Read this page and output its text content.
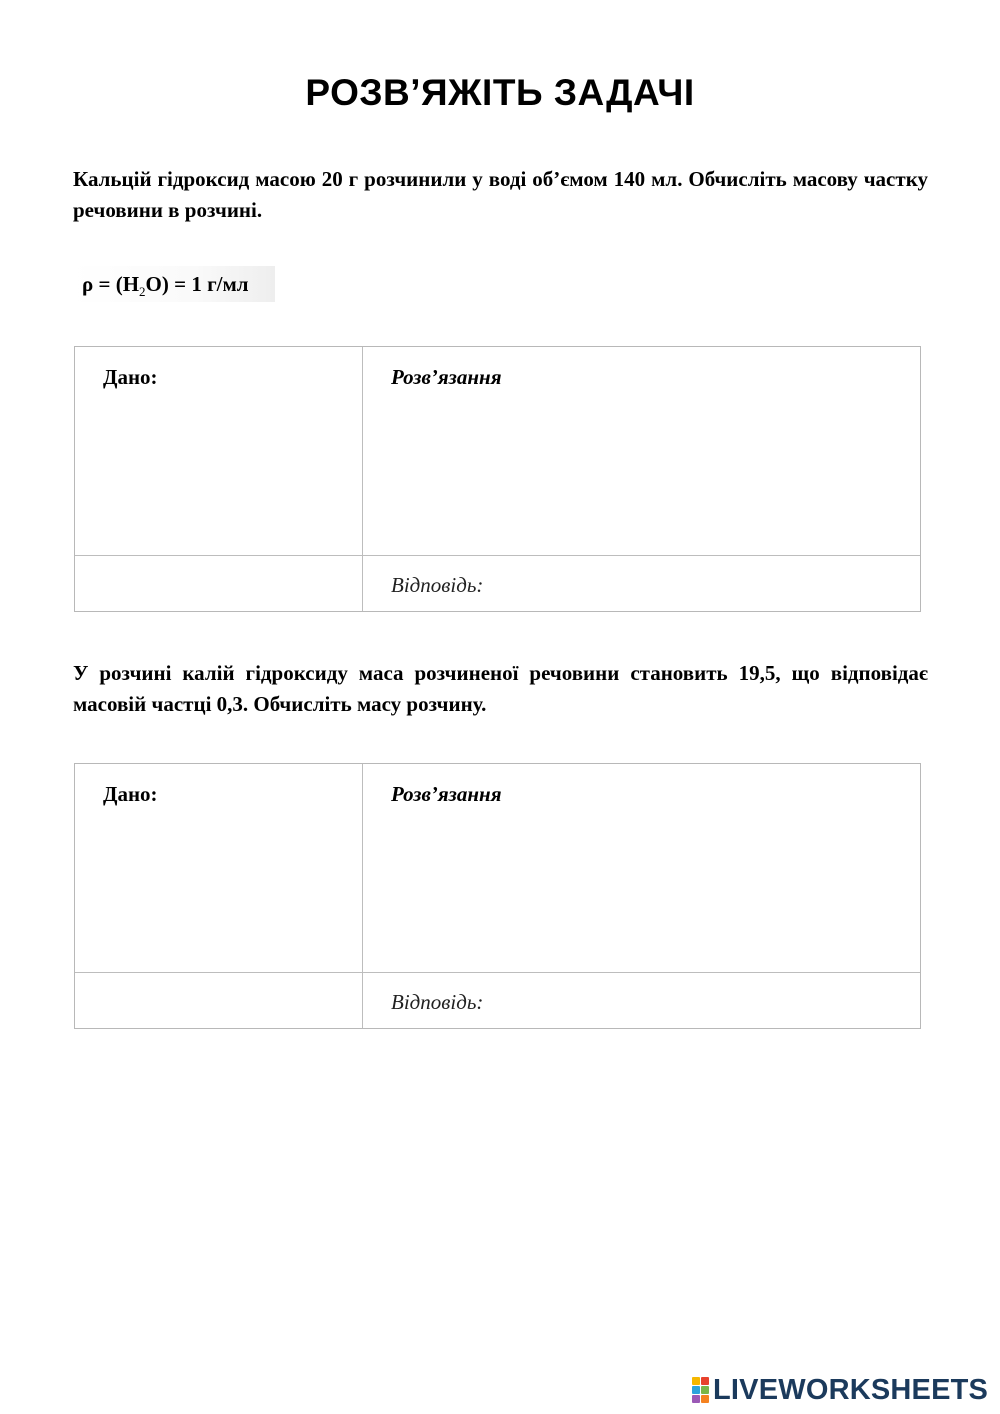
РОЗВ’ЯЖІТЬ ЗАДАЧІ
Кальцій гідроксид масою 20 г розчинили у воді об’ємом 140 мл. Обчисліть масову частку речовини в розчині.
$\rho = (H_2O) = 1$ г/мл
Дано:	Розв’язання
Відповідь:
У розчині калій гідроксиду маса розчиненої речовини становить 19,5, що відповідає масовій частці 0,3. Обчисліть масу розчину.
Дано:	Розв’язання
Відповідь:
LIVEWORKSHEETS
